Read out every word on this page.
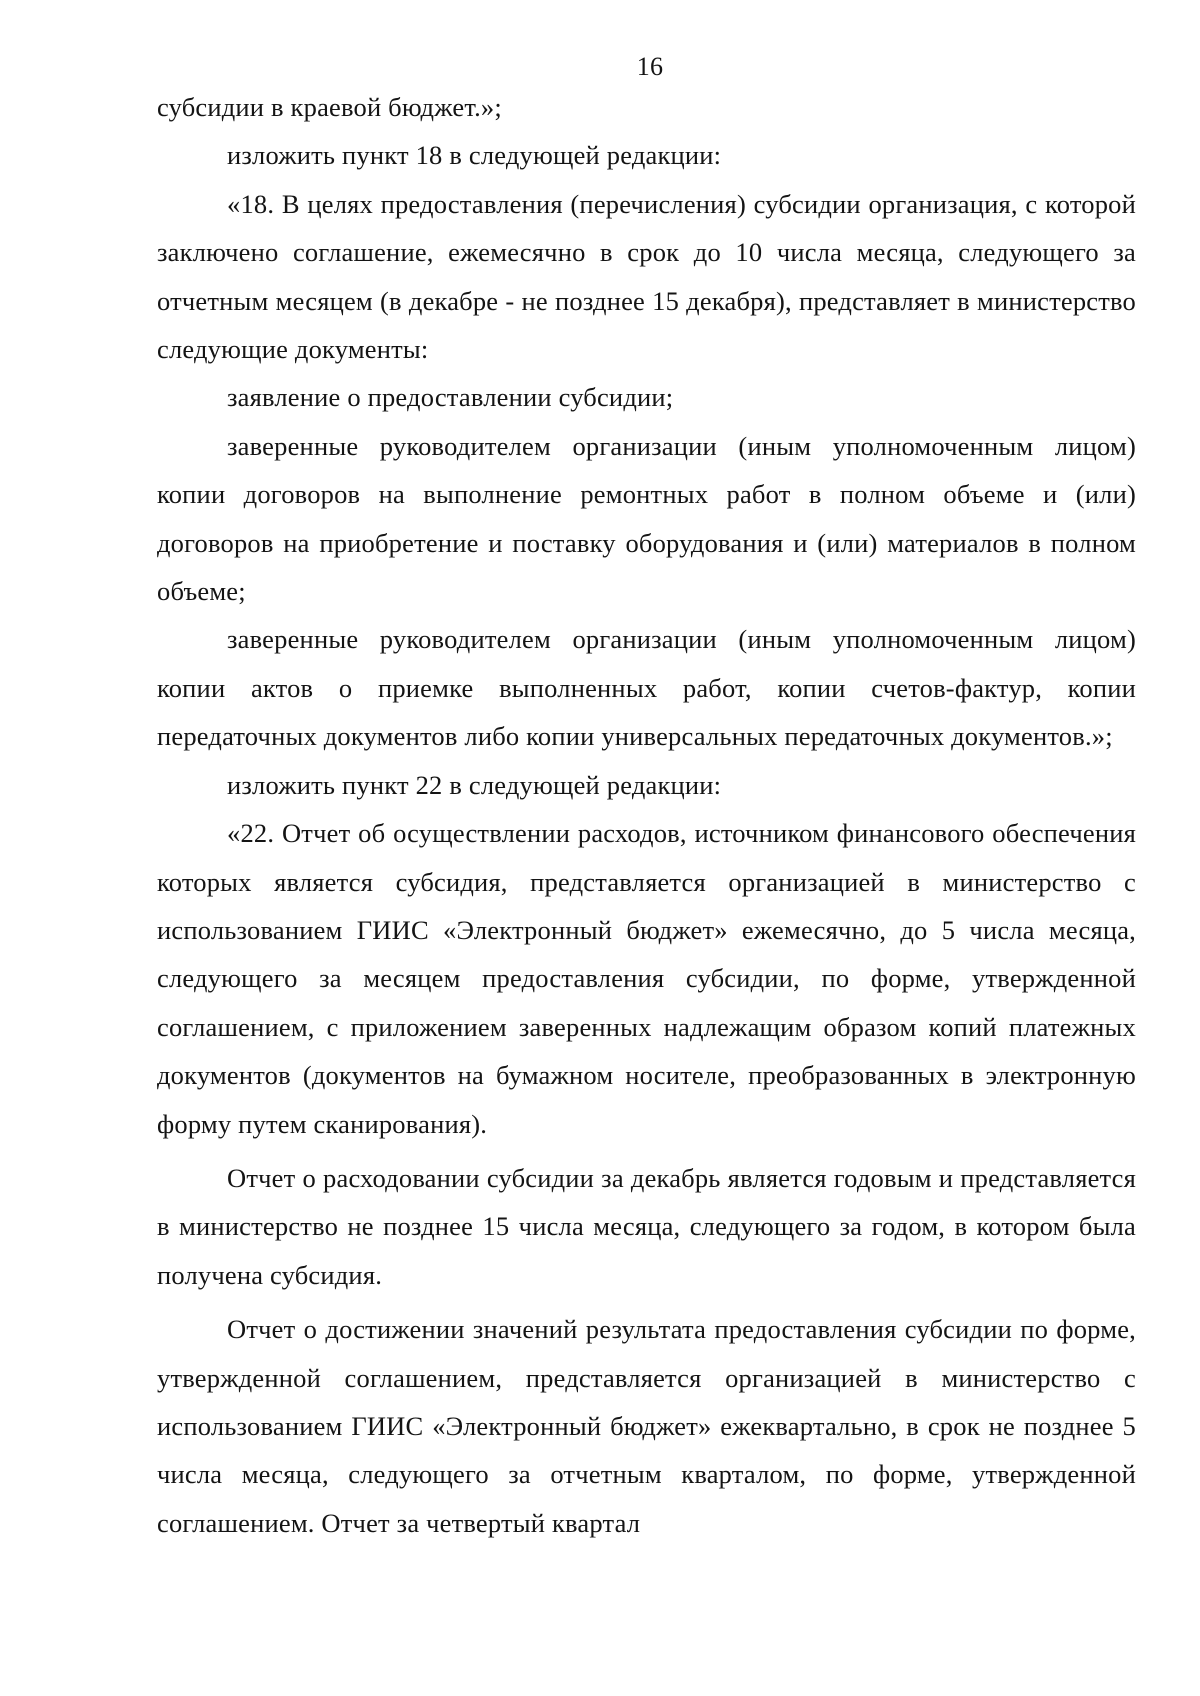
16

субсидии в краевой бюджет.»;

изложить пункт 18 в следующей редакции:

«18. В целях предоставления (перечисления) субсидии организация, с которой заключено соглашение, ежемесячно в срок до 10 числа месяца, следующего за отчетным месяцем (в декабре - не позднее 15 декабря), представляет в министерство следующие документы:

заявление о предоставлении субсидии;

заверенные руководителем организации (иным уполномоченным лицом) копии договоров на выполнение ремонтных работ в полном объеме и (или) договоров на приобретение и поставку оборудования и (или) материалов в полном объеме;

заверенные руководителем организации (иным уполномоченным лицом) копии актов о приемке выполненных работ, копии счетов-фактур, копии передаточных документов либо копии универсальных передаточных документов.»;

изложить пункт 22 в следующей редакции:

«22. Отчет об осуществлении расходов, источником финансового обеспечения которых является субсидия, представляется организацией в министерство с использованием ГИИС «Электронный бюджет» ежемесячно, до 5 числа месяца, следующего за месяцем предоставления субсидии, по форме, утвержденной соглашением, с приложением заверенных надлежащим образом копий платежных документов (документов на бумажном носителе, преобразованных в электронную форму путем сканирования).

Отчет о расходовании субсидии за декабрь является годовым и представляется в министерство не позднее 15 числа месяца, следующего за годом, в котором была получена субсидия.

Отчет о достижении значений результата предоставления субсидии по форме, утвержденной соглашением, представляется организацией в министерство с использованием ГИИС «Электронный бюджет» ежеквартально, в срок не позднее 5 числа месяца, следующего за отчетным кварталом, по форме, утвержденной соглашением. Отчет за четвертый квартал
